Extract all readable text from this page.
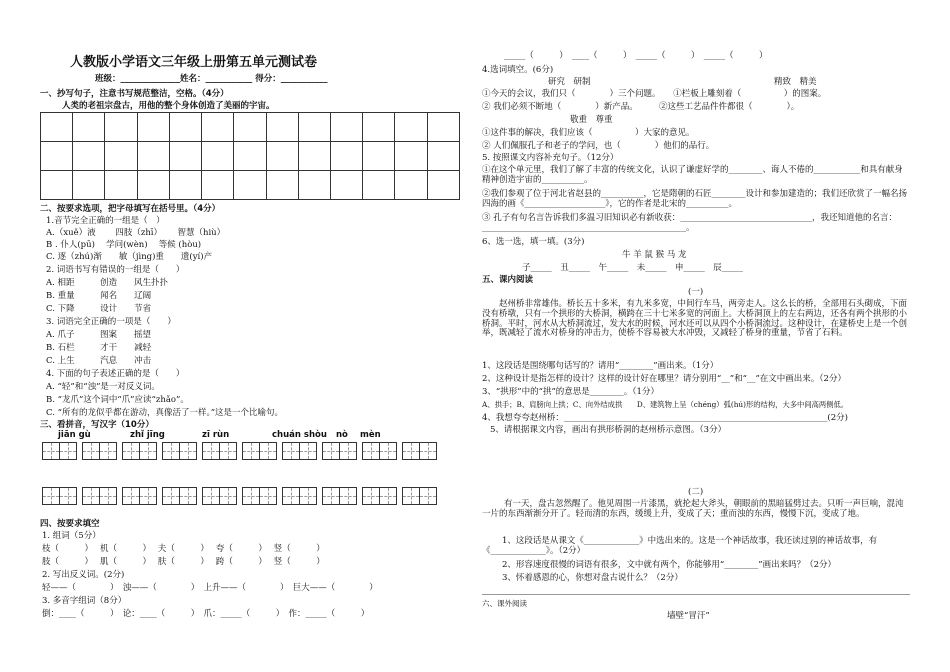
人教版小学语文三年级上册第五单元测试卷
班级：______________姓名：___________ 得分：___________
一、抄写句子，注意书写规范整洁，空格。（4分）
人类的老祖宗盘古，用他的整个身体创造了美丽的宇宙。

二、按要求选项，把字母填写在括号里。（4分）
1.音节完全正确的一组是（　）
A.（xuě）液　　 四肢（zhī）　　 智慧（hiù）
B . 仆人(pū)　 学问(wèn)　 等候 (hòu)
C. 逐（zhú)渐　　敏（jìng)重　　遗(yí)产
2. 词语书写有错误的一组是（　　）
A. 相距　　　创造　　风生扑扑
B. 重量　　　闻名　　辽阔
C. 下降　　　设计　　节省
3. 词语完全正确的一项是（　　）
A. 爪子　　　图案　　摇望
B. 石栏　　　才干　　减轻
C. 上生　　　汽息　　冲击
4. 下面的句子表述正确的是（　　）
A. “轻”和“浊”是一对反义词。
B. “龙爪”这个词中“爪”应读“zhǎo”。
C. “所有的龙似乎都在游动，真像活了一样。”这是一个比喻句。
三、看拼音，写汉字（10分）
jiān gù	zhǐ jīng	zī rùn	chuán shòu nò mèn
四、按要求填空
1. 组词（5分）
枝（　　　）　 机（　　　）　 夫（　　　）　 夸（　　　）　 竖（　　　）
肢（　　　）　 肌（　　　）　 肤（　　　）　 跨（　　　）　 竖（　　　）
2. 写出反义词。(2分)
轻——（　　　　）　浊——（　　　　）　上升——（　　　　）　巨大——（　　　　）
3. 多音字组词（8分）
倒：____（　　　）　论：____（　　　）　爪：_____（　　　）　作：_____（　　　）
_____（　　　）　____（　　　）　_____（　　　）　_____（　　　）
4.选词填空。(6分)
研究　研制	精致　精美
①今天的会议，我们只（　　　　）三个问题。　　①栏板上雕刻着（　　　　　）的图案。
② 我们必须不断地（　　　　）新产品。　　　②这些工艺品件件都很（　　　　）。
敬重　尊重
①这件事的解决，我们应该（　　　　　）大家的意见。
② 人们佩服孔子和老子的学问，也（　　　　）他们的品行。
5. 按照课文内容补充句子。（12分）
①在这个单元里，我们了解了丰富的传统文化，认识了谦虚好学的________、诲人不倦的___________和具有献身精神创造宇宙的__________。
②我们参观了位于河北省赵县的__________，它是隋朝的石匠________设计和参加建造的；我们还欣赏了一幅名扬四海的画《___________________》，它的作者是北宋的__________。
③ 孔子有句名言告诉我们多温习旧知识必有新收获：_______________________________，我还知道他的名言：________________________________________________。
6、选一选，填一填。(3分)
牛 羊 鼠 猴 马 龙
子_____　丑_____　午_____　未_____　申_____　辰_____
五、课内阅读
(一)
赵州桥非常雄伟。桥长五十多米，有九米多宽，中间行车马，两旁走人。这么长的桥，全部用石头砌成，下面没有桥墩，只有一个拱形的大桥洞，横跨在三十七米多宽的河面上。大桥洞顶上的左右两边，还各有两个拱形的小桥洞。平时，河水从大桥洞流过，发大水的时候，河水还可以从四个小桥洞流过。这种设计，在建桥史上是一个创举，既减轻了流水对桥身的冲击力，使桥不容易被大水冲毁，又减轻了桥身的重量，节省了石料。
1、这段话是围绕哪句话写的？请用“________”画出来。（1分）
2、这种设计是指怎样的设计？这样的设计好在哪里？请分别用“__”和“__”在文中画出来。（2分）
3、“拱形”中的“拱”的意思是________。（1分）
A、拱手；B、肩膀向上拱；C、向外结成拱　　D、建筑物上呈（chéng）弧(hú)形的结构，大多中间高两侧低。
4、我想夸夸赵州桥：______________________________________________________________(2分)
5、请根据课文内容，画出有拱形桥洞的赵州桥示意图。（3分）
(二)
有一天，盘古忽然醒了。他见周围一片漆黑，就抡起大斧头，朝眼前的黑暗猛劈过去。只听一声巨响，混沌一片的东西渐渐分开了。轻而清的东西，缓缓上升，变成了天；重而浊的东西，慢慢下沉，变成了地。
1、这段话是从课文《_____________》中选出来的。这是一个神话故事，我还读过别的神话故事，有《_____________》。（2分）
2、形容速度很慢的词语有很多，文中就有两个，你能够用“________”画出来吗？（2分）
3、怀着感恩的心，你想对盘古说什么？（2分）
六、课外阅读
墙壁“冒汗”
